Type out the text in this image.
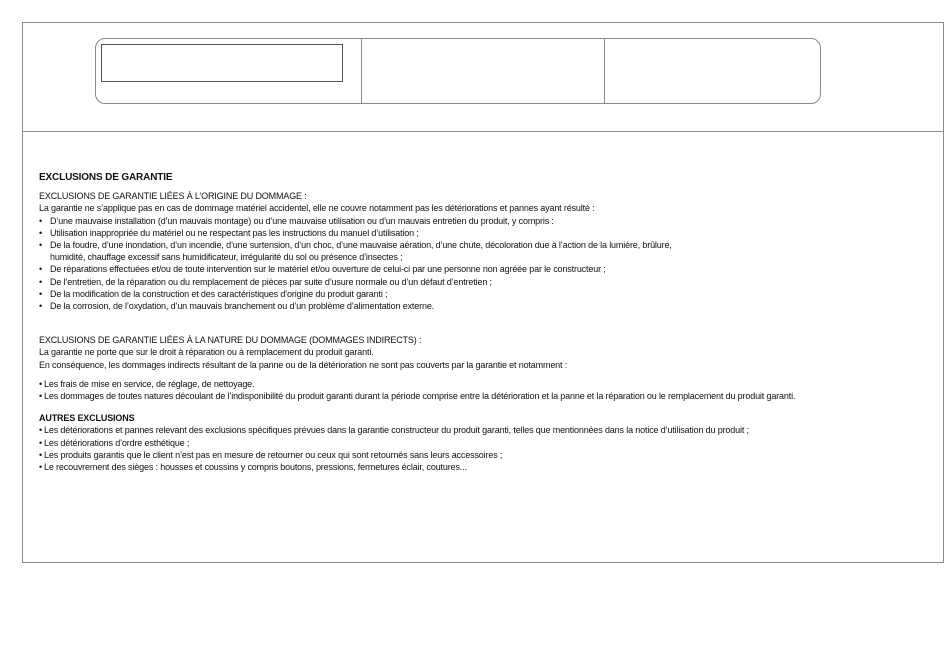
EXCLUSIONS DE GARANTIE

EXCLUSIONS DE GARANTIE LIÉES À L’ORIGINE DU DOMMAGE :

La garantie ne s’applique pas en cas de dommage matériel accidentel, elle ne couvre notamment pas les détériorations et pannes ayant résulté :

• D’une mauvaise installation (d’un mauvais montage) ou d’une mauvaise utilisation ou d’un mauvais entretien du produit, y compris :
• Utilisation inappropriée du matériel ou ne respectant pas les instructions du manuel d’utilisation ;
• De la foudre, d’une inondation, d’un incendie, d’une surtension, d’un choc, d’une mauvaise aération, d’une chute, décoloration due à l’action de la lumière, brûlure,

humidité, chauffage excessif sans humidificateur, irrégularité du sol ou présence d’insectes ;

• De réparations effectuées et/ou de toute intervention sur le matériel et/ou ouverture de celui-ci par une personne non agréée par le constructeur ;
• De l’entretien, de la réparation ou du remplacement de pièces par suite d’usure normale ou d’un défaut d’entretien ;
• De la modification de la construction et des caractéristiques d’origine du produit garanti ;
• De la corrosion, de l’oxydation, d’un mauvais branchement ou d’un problème d’alimentation externe.

EXCLUSIONS DE GARANTIE LIÉES À LA NATURE DU DOMMAGE (DOMMAGES INDIRECTS) :

La garantie ne porte que sur le droit à réparation ou à remplacement du produit garanti.

En conséquence, les dommages indirects résultant de la panne ou de la détérioration ne sont pas couverts par la garantie et notamment :

• Les frais de mise en service, de réglage, de nettoyage.
• Les dommages de toutes natures découlant de l’indisponibilité du produit garanti durant la période comprise entre la détérioration et la panne et la réparation ou le remplacement du produit garanti.

AUTRES EXCLUSIONS

• Les détériorations et pannes relevant des exclusions spécifiques prévues dans la garantie constructeur du produit garanti, telles que mentionnées dans la notice d’utilisation du produit ;
• Les détériorations d’ordre esthétique ;
• Les produits garantis que le client n’est pas en mesure de retourner ou ceux qui sont retournés sans leurs accessoires ;
• Le recouvrement des sièges : housses et coussins y compris boutons, pressions, fermetures éclair, coutures...
